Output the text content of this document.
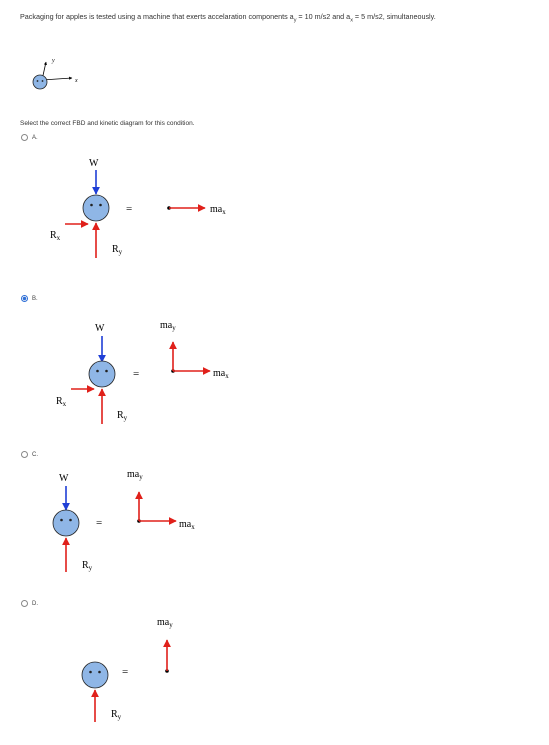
Packaging for apples is tested using a machine that exerts accelaration components $a_y = 10$ m/s2 and $a_x = 5$ m/s2, simultaneously.
y
x
W
$R_x$
$R_y$
=	$ma_x$
W
$R_x$
$R_y$
=
$ma_y$
$ma_x$
W
$R_y$
=
$ma_y$
$ma_x$
$R_y$
=
$ma_y$
Select the correct FBD and kinetic diagram for this condition.
A.
B.
C.
D.
